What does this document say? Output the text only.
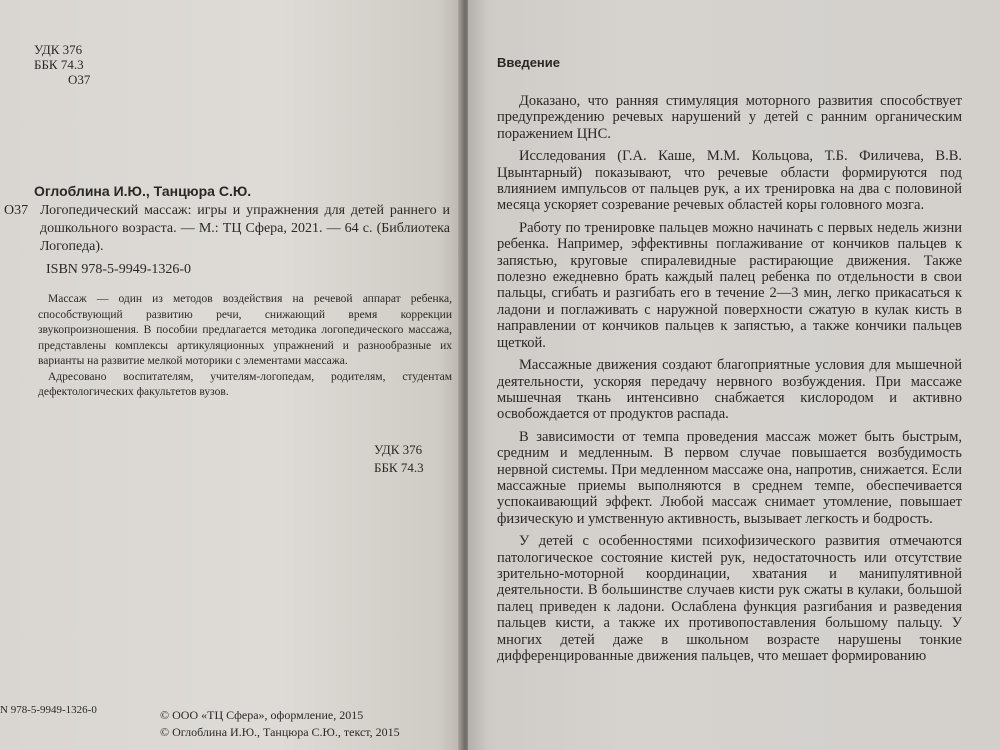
УДК 376
ББК 74.3
О37
Оглоблина И.Ю., Танцюра С.Ю.
О37 Логопедический массаж: игры и упражнения для детей раннего и дошкольного возраста. — М.: ТЦ Сфера, 2021. — 64 с. (Библиотека Логопеда).
ISBN 978-5-9949-1326-0

Массаж — один из методов воздействия на речевой аппарат ребенка, способствующий развитию речи, снижающий время коррекции звукопроизношения. В пособии предлагается методика логопедического массажа, представлены комплексы артикуляционных упражнений и разнообразные их варианты на развитие мелкой моторики с элементами массажа.

Адресовано воспитателям, учителям-логопедам, родителям, студентам дефектологических факультетов вузов.

УДК 376
ББК 74.3
N 978-5-9949-1326-0	© ООО «ТЦ Сфера», оформление, 2015
© Оглоблина И.Ю., Танцюра С.Ю., текст, 2015
Введение

Доказано, что ранняя стимуляция моторного развития способствует предупреждению речевых нарушений у детей с ранним органическим поражением ЦНС.

Исследования (Г.А. Каше, М.М. Кольцова, Т.Б. Филичева, В.В. Цвынтарный) показывают, что речевые области формируются под влиянием импульсов от пальцев рук, а их тренировка на два с половиной месяца ускоряет созревание речевых областей коры головного мозга.

Работу по тренировке пальцев можно начинать с первых недель жизни ребенка. Например, эффективны поглаживание от кончиков пальцев к запястью, круговые спиралевидные растирающие движения. Также полезно ежедневно брать каждый палец ребенка по отдельности в свои пальцы, сгибать и разгибать его в течение 2—3 мин, легко прикасаться к ладони и поглаживать с наружной поверхности сжатую в кулак кисть в направлении от кончиков пальцев к запястью, а также кончики пальцев щеткой.

Массажные движения создают благоприятные условия для мышечной деятельности, ускоряя передачу нервного возбуждения. При массаже мышечная ткань интенсивно снабжается кислородом и активно освобождается от продуктов распада.

В зависимости от темпа проведения массаж может быть быстрым, средним и медленным. В первом случае повышается возбудимость нервной системы. При медленном массаже она, напротив, снижается. Если массажные приемы выполняются в среднем темпе, обеспечивается успокаивающий эффект. Любой массаж снимает утомление, повышает физическую и умственную активность, вызывает легкость и бодрость.

У детей с особенностями психофизического развития отмечаются патологическое состояние кистей рук, недостаточность или отсутствие зрительно-моторной координации, хватания и манипулятивной деятельности. В большинстве случаев кисти рук сжаты в кулаки, большой палец приведен к ладони. Ослаблена функция разгибания и разведения пальцев кисти, а также их противопоставления большому пальцу. У многих детей даже в школьном возрасте нарушены тонкие дифференцированные движения пальцев, что мешает формированию
